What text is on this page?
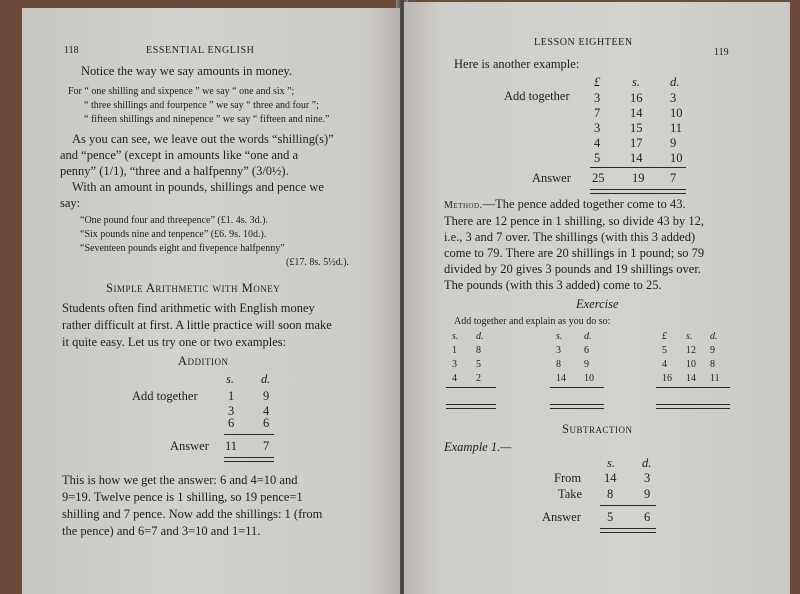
118	ESSENTIAL ENGLISH
Notice the way we say amounts in money.
For “ one shilling and sixpence ” we say “ one and six ”;
“ three shillings and fourpence ” we say “ three and four ”;
“ fifteen shillings and ninepence ” we say “ fifteen and nine.”
As you can see, we leave out the words “shilling(s)”
and “pence” (except in amounts like “one and a
penny” (1/1), “three and a halfpenny” (3/0½).
With an amount in pounds, shillings and pence we
say:
“One pound four and threepence” (£1. 4s. 3d.).
“Six pounds nine and tenpence” (£6. 9s. 10d.).
“Seventeen pounds eight and fivepence halfpenny”
(£17. 8s. 5½d.).
Simple Arithmetic with Money
Students often find arithmetic with English money
rather difficult at first. A little practice will soon make
it quite easy. Let us try one or two examples:
Addition
s. d.
Add together 1 9
3 4
6 6
Answer 11 7
This is how we get the answer: 6 and 4=10 and
9=19. Twelve pence is 1 shilling, so 19 pence=1
shilling and 7 pence. Now add the shillings: 1 (from
the pence) and 6=7 and 3=10 and 1=11.
LESSON EIGHTEEN
119
Here is another example:
£	s. d.
Add together 3 16 3
7 14 10
3 15 11
4 17 9
5 14 10
Answer 25 19 7
Method.—The pence added together come to 43.
There are 12 pence in 1 shilling, so divide 43 by 12,
i.e., 3 and 7 over. The shillings (with this 3 added)
come to 79. There are 20 shillings in 1 pound; so 79
divided by 20 gives 3 pounds and 19 shillings over.
The pounds (with this 3 added) come to 25.
Exercise
Add together and explain as you do so:
s. d.
1 8
3 5
4 2
s. d.
3 6
8 9
14 10
£ s. d.
5 12 9
4 10 8
16 14 11
Subtraction
Example 1.—
s. d.
From 14 3
Take 8 9
Answer 5 6
